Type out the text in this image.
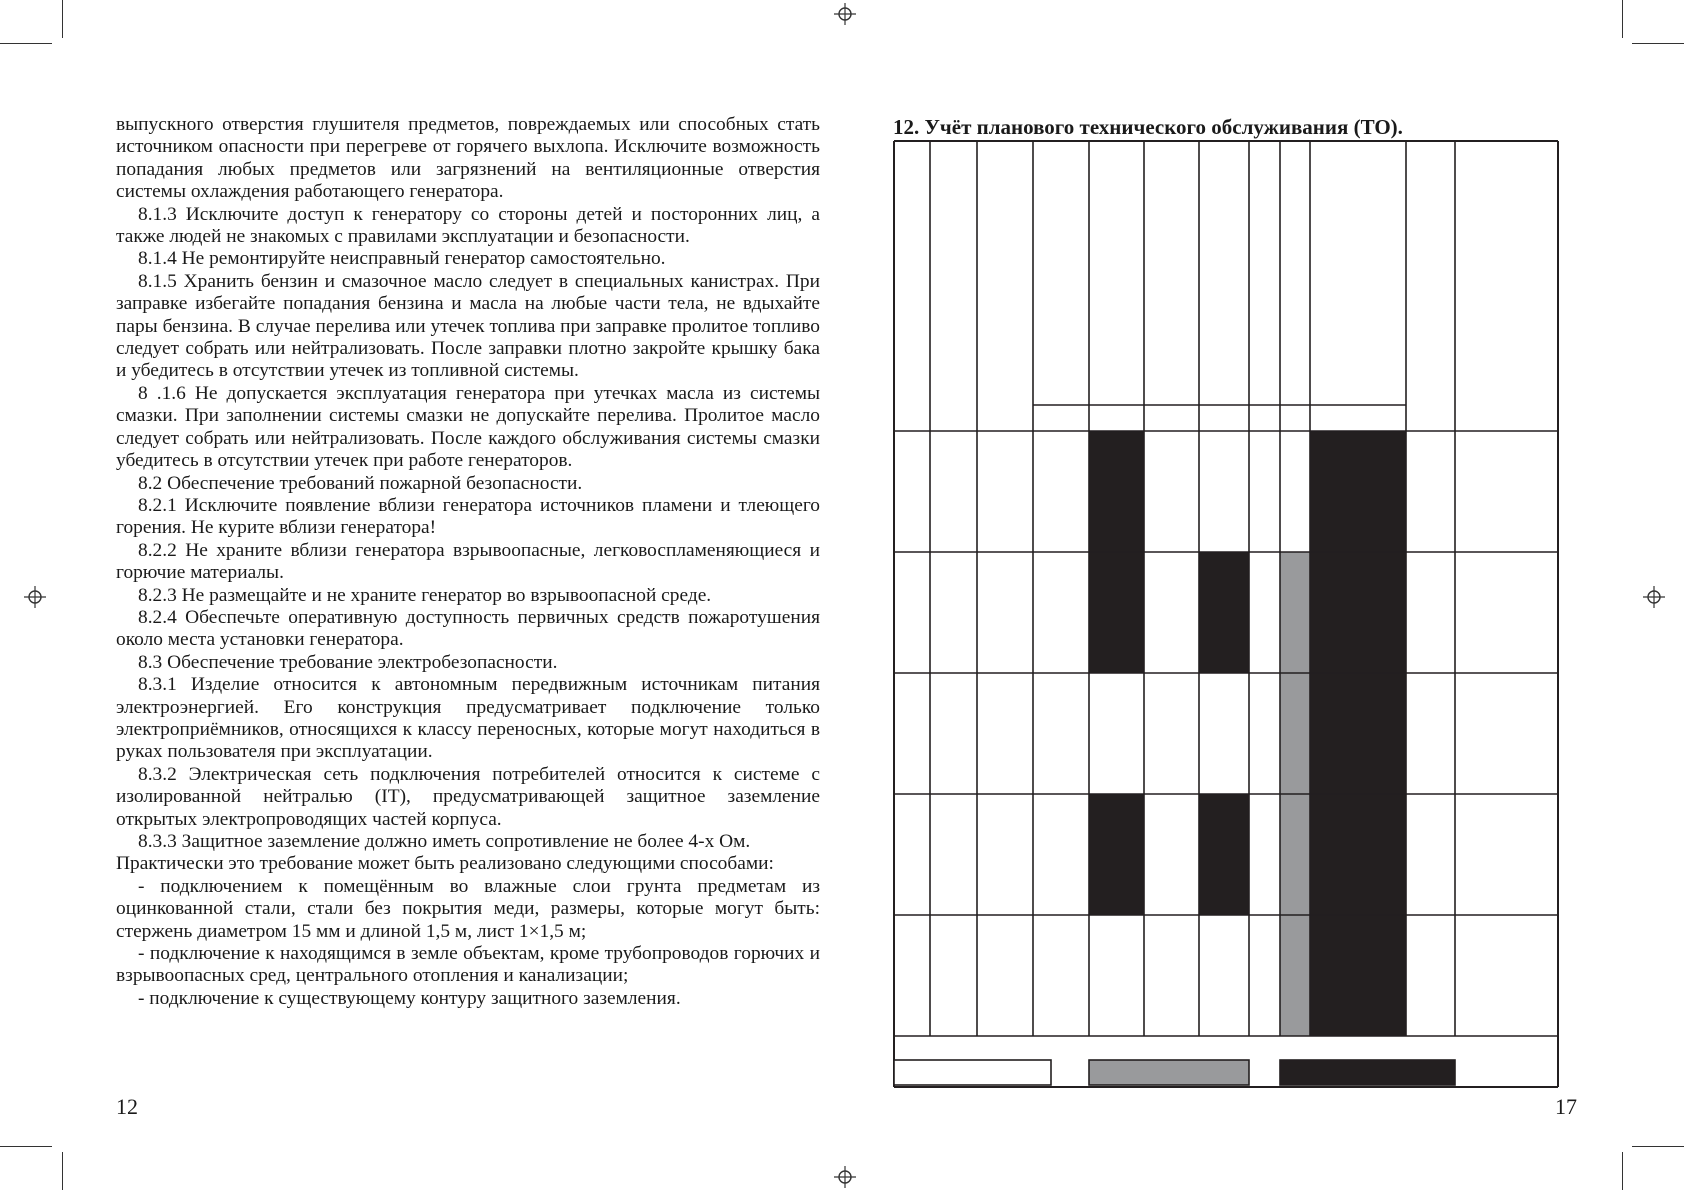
выпускного отверстия глушителя предметов, повреждаемых или способных стать источником опасности при перегреве от горячего выхлопа. Исключите возможность попадания любых предметов или загрязнений на вентиляционные отверстия системы охлаждения работающего генератора.

8.1.3 Исключите доступ к генератору со стороны детей и посторонних лиц, а также людей не знакомых с правилами эксплуатации и безопасности.

8.1.4 Не ремонтируйте неисправный генератор самостоятельно.

8.1.5 Хранить бензин и смазочное масло следует в специальных канистрах. При заправке избегайте попадания бензина и масла на любые части тела, не вдыхайте пары бензина. В случае перелива или утечек топлива при заправке пролитое топливо следует собрать или нейтрализовать. После заправки плотно закройте крышку бака и убедитесь в отсутствии утечек из топливной системы.

8 .1.6 Не допускается эксплуатация генератора при утечках масла из системы смазки. При заполнении системы смазки не допускайте перелива. Пролитое масло следует собрать или нейтрализовать. После каждого обслуживания системы смазки убедитесь в отсутствии утечек при работе генераторов.

8.2 Обеспечение требований пожарной безопасности.

8.2.1 Исключите появление вблизи генератора источников пламени и тлеющего горения. Не курите вблизи генератора!

8.2.2 Не храните вблизи генератора взрывоопасные, легковоспламеняющиеся и горючие материалы.

8.2.3 Не размещайте и не храните генератор во взрывоопасной среде.

8.2.4 Обеспечьте оперативную доступность первичных средств пожаротушения около места установки генератора.

8.3 Обеспечение требование электробезопасности.

8.3.1 Изделие относится к автономным передвижным источникам питания электроэнергией. Его конструкция предусматривает подключение только электроприёмников, относящихся к классу переносных, которые могут находиться в руках пользователя при эксплуатации.

8.3.2 Электрическая сеть подключения потребителей относится к системе с изолированной нейтралью (IT), предусматривающей защитное заземление открытых электропроводящих частей корпуса.

8.3.3 Защитное заземление должно иметь сопротивление не более 4-х Ом.

Практически это требование может быть реализовано следующими способами:

- подключением к помещённым во влажные слои грунта предметам из оцинкованной стали, стали без покрытия меди, размеры, которые могут быть: стержень диаметром 15 мм и длиной 1,5 м, лист 1×1,5 м;

- подключение к находящимся в земле объектам, кроме трубопроводов горючих и взрывоопасных сред, центрального отопления и канализации;

- подключение к существующему контуру защитного заземления.

12
12. Учёт планового технического обслуживания (ТО).
17
